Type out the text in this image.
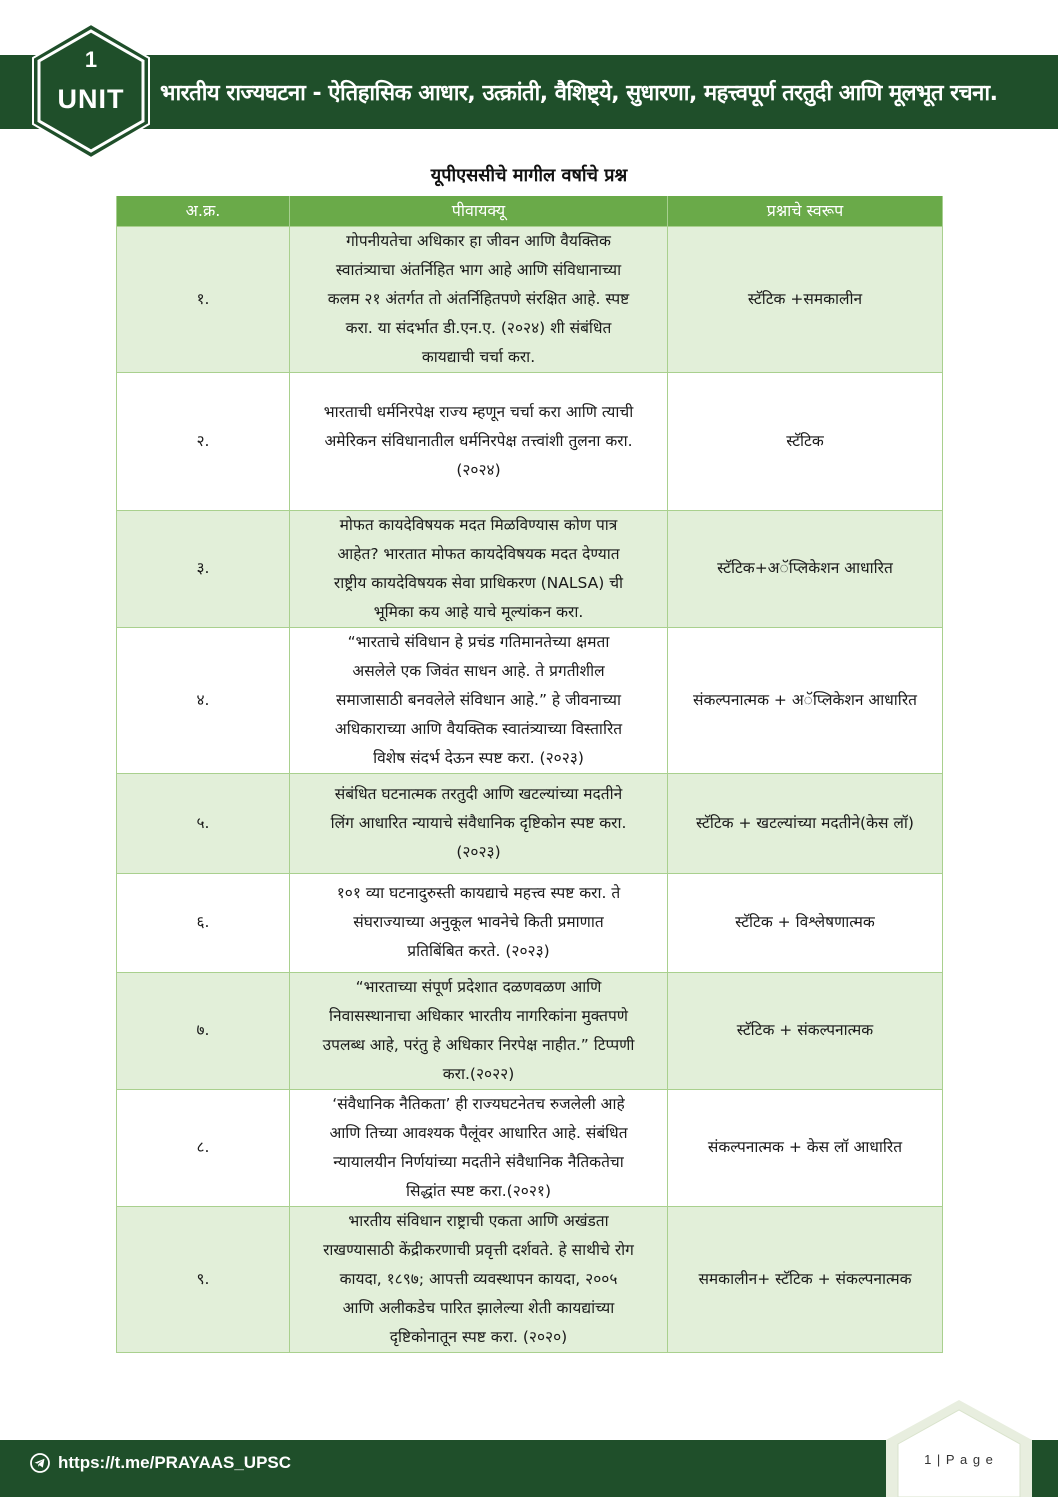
भारतीय राज्यघटना - ऐतिहासिक आधार, उत्क्रांती, वैशिष्ट्ये, सुधारणा, महत्त्वपूर्ण तरतुदी आणि मूलभूत रचना.
1
UNIT
यूपीएससीचे मागील वर्षाचे प्रश्न
अ.क्र.	पीवायक्यू	प्रश्नाचे स्वरूप
१.	गोपनीयतेचा अधिकार हा जीवन आणि वैयक्तिक
स्वातंत्र्याचा अंतर्निहित भाग आहे आणि संविधानाच्या
कलम २१ अंतर्गत तो अंतर्निहितपणे संरक्षित आहे. स्पष्ट
करा. या संदर्भात डी.एन.ए. (२०२४) शी संबंधित
कायद्याची चर्चा करा.	स्टॅटिक +समकालीन
२.	भारताची धर्मनिरपेक्ष राज्य म्हणून चर्चा करा आणि त्याची
अमेरिकन संविधानातील धर्मनिरपेक्ष तत्त्वांशी तुलना करा.
(२०२४)	स्टॅटिक
३.	मोफत कायदेविषयक मदत मिळविण्यास कोण पात्र
आहेत? भारतात मोफत कायदेविषयक मदत देण्यात
राष्ट्रीय कायदेविषयक सेवा प्राधिकरण (NALSA) ची
भूमिका कय आहे याचे मूल्यांकन करा.	स्टॅटिक+अॅप्लिकेशन आधारित
४.	“भारताचे संविधान हे प्रचंड गतिमानतेच्या क्षमता
असलेले एक जिवंत साधन आहे. ते प्रगतीशील
समाजासाठी बनवलेले संविधान आहे.” हे जीवनाच्या
अधिकाराच्या आणि वैयक्तिक स्वातंत्र्याच्या विस्तारित
विशेष संदर्भ देऊन स्पष्ट करा. (२०२३)	संकल्पनात्मक + अॅप्लिकेशन आधारित
५.	संबंधित घटनात्मक तरतुदी आणि खटल्यांच्या मदतीने
लिंग आधारित न्यायाचे संवैधानिक दृष्टिकोन स्पष्ट करा.
(२०२३)	स्टॅटिक + खटल्यांच्या मदतीने(केस लॉ)
६.	१०१ व्या घटनादुरुस्ती कायद्याचे महत्त्व स्पष्ट करा. ते
संघराज्याच्या अनुकूल भावनेचे किती प्रमाणात
प्रतिबिंबित करते. (२०२३)	स्टॅटिक + विश्लेषणात्मक
७.	“भारताच्या संपूर्ण प्रदेशात दळणवळण आणि
निवासस्थानाचा अधिकार भारतीय नागरिकांना मुक्तपणे
उपलब्ध आहे, परंतु हे अधिकार निरपेक्ष नाहीत.” टिप्पणी
करा.(२०२२)	स्टॅटिक + संकल्पनात्मक
८.	‘संवैधानिक नैतिकता’ ही राज्यघटनेतच रुजलेली आहे
आणि तिच्या आवश्यक पैलूंवर आधारित आहे. संबंधित
न्यायालयीन निर्णयांच्या मदतीने संवैधानिक नैतिकतेचा
सिद्धांत स्पष्ट करा.(२०२१)	संकल्पनात्मक + केस लॉ आधारित
९.	भारतीय संविधान राष्ट्राची एकता आणि अखंडता
राखण्यासाठी केंद्रीकरणाची प्रवृत्ती दर्शवते. हे साथीचे रोग
कायदा, १८९७; आपत्ती व्यवस्थापन कायदा, २००५
आणि अलीकडेच पारित झालेल्या शेती कायद्यांच्या
दृष्टिकोनातून स्पष्ट करा. (२०२०)	समकालीन+ स्टॅटिक + संकल्पनात्मक
https://t.me/PRAYAAS_UPSC	1 | P a g e
